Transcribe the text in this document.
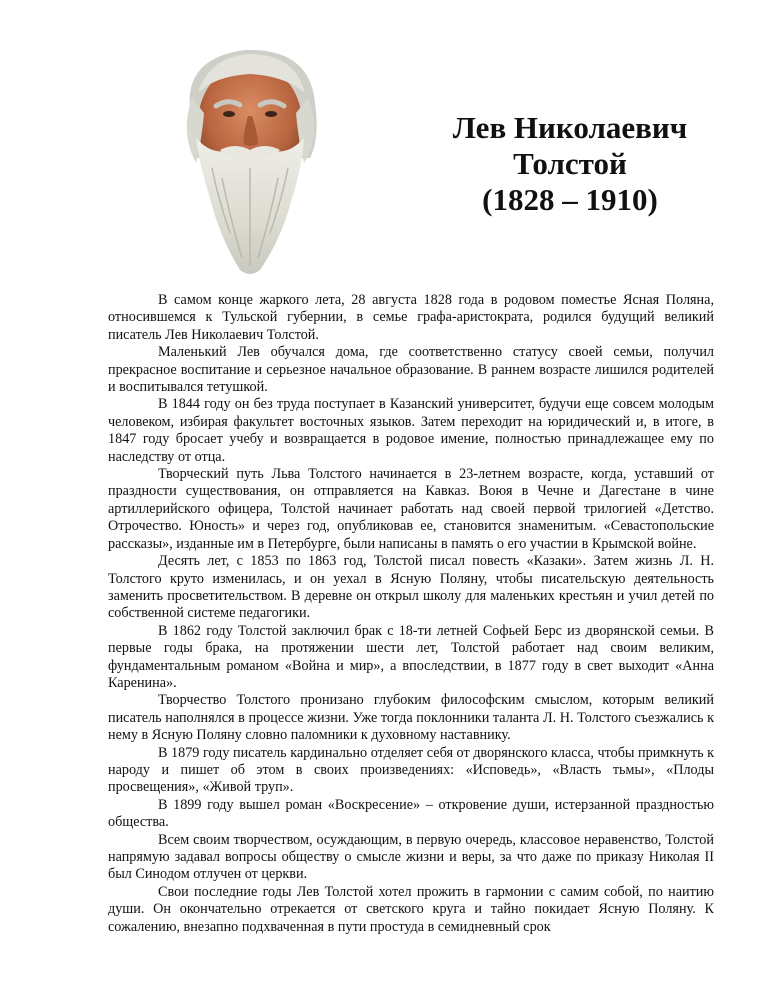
Лев Николаевич
Толстой
(1828 – 1910)

В самом конце жаркого лета, 28 августа 1828 года в родовом поместье Ясная Поляна, относившемся к Тульской губернии, в семье графа-аристократа, родился будущий великий писатель Лев Николаевич Толстой.

Маленький Лев обучался дома, где соответственно статусу своей семьи, получил прекрасное воспитание и серьезное начальное образование. В раннем возрасте лишился родителей и воспитывался тетушкой.

В 1844 году он без труда поступает в Казанский университет, будучи еще совсем молодым человеком, избирая факультет восточных языков. Затем переходит на юридический и, в итоге, в 1847 году бросает учебу и возвращается в родовое имение, полностью принадлежащее ему по наследству от отца.

Творческий путь Льва Толстого начинается в 23-летнем возрасте, когда, уставший от праздности существования, он отправляется на Кавказ. Воюя в Чечне и Дагестане в чине артиллерийского офицера, Толстой начинает работать над своей первой трилогией «Детство. Отрочество. Юность» и через год, опубликовав ее, становится знаменитым. «Севастопольские рассказы», изданные им в Петербурге, были написаны в память о его участии в Крымской войне.

Десять лет, с 1853 по 1863 год, Толстой писал повесть «Казаки». Затем жизнь Л. Н. Толстого круто изменилась, и он уехал в Ясную Поляну, чтобы писательскую деятельность заменить просветительством. В деревне он открыл школу для маленьких крестьян и учил детей по собственной системе педагогики.

В 1862 году Толстой заключил брак с 18-ти летней Софьей Берс из дворянской семьи. В первые годы брака, на протяжении шести лет, Толстой работает над своим великим, фундаментальным романом «Война и мир», а впоследствии, в 1877 году в свет выходит «Анна Каренина».

Творчество Толстого пронизано глубоким философским смыслом, которым великий писатель наполнялся в процессе жизни. Уже тогда поклонники таланта Л. Н. Толстого съезжались к нему в Ясную Поляну словно паломники к духовному наставнику.

В 1879 году писатель кардинально отделяет себя от дворянского класса, чтобы примкнуть к народу и пишет об этом в своих произведениях: «Исповедь», «Власть тьмы», «Плоды просвещения», «Живой труп».

В 1899 году вышел роман «Воскресение» – откровение души, истерзанной праздностью общества.

Всем своим творчеством, осуждающим, в первую очередь, классовое неравенство, Толстой напрямую задавал вопросы обществу о смысле жизни и веры, за что даже по приказу Николая II был Синодом отлучен от церкви.

Свои последние годы Лев Толстой хотел прожить в гармонии с самим собой, по наитию души. Он окончательно отрекается от светского круга и тайно покидает Ясную Поляну. К сожалению, внезапно подхваченная в пути простуда в семидневный срок
